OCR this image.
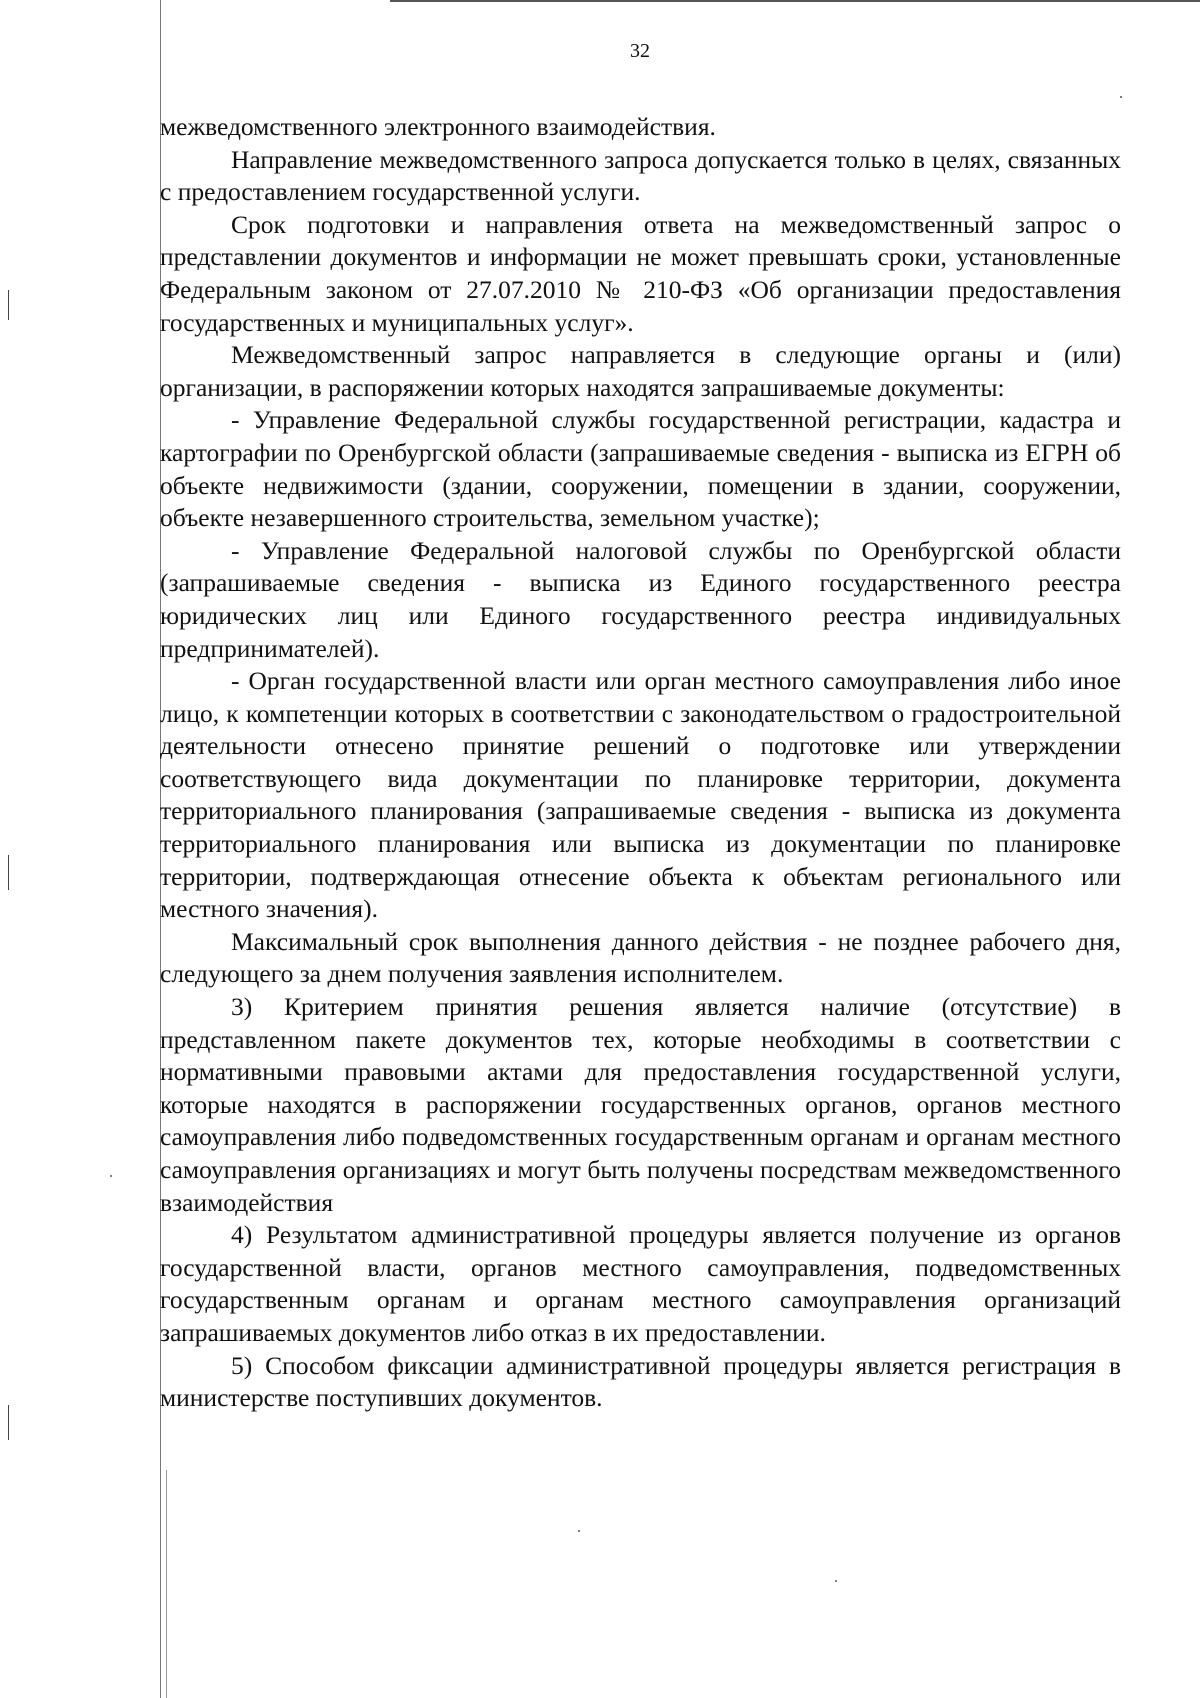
32

межведомственного электронного взаимодействия.

Направление межведомственного запроса допускается только в целях, связанных с предоставлением государственной услуги.

Срок подготовки и направления ответа на межведомственный запрос о представлении документов и информации не может превышать сроки, установленные Федеральным законом от 27.07.2010 № 210-ФЗ «Об организации предоставления государственных и муниципальных услуг».

Межведомственный запрос направляется в следующие органы и (или) организации, в распоряжении которых находятся запрашиваемые документы:

- Управление Федеральной службы государственной регистрации, кадастра и картографии по Оренбургской области (запрашиваемые сведения - выписка из ЕГРН об объекте недвижимости (здании, сооружении, помещении в здании, сооружении, объекте незавершенного строительства, земельном участке);

- Управление Федеральной налоговой службы по Оренбургской области (запрашиваемые сведения - выписка из Единого государственного реестра юридических лиц или Единого государственного реестра индивидуальных предпринимателей).

- Орган государственной власти или орган местного самоуправления либо иное лицо, к компетенции которых в соответствии с законодательством о градостроительной деятельности отнесено принятие решений о подготовке или утверждении соответствующего вида документации по планировке территории, документа территориального планирования (запрашиваемые сведения - выписка из документа территориального планирования или выписка из документации по планировке территории, подтверждающая отнесение объекта к объектам регионального или местного значения).

Максимальный срок выполнения данного действия - не позднее рабочего дня, следующего за днем получения заявления исполнителем.

3) Критерием принятия решения является наличие (отсутствие) в представленном пакете документов тех, которые необходимы в соответствии с нормативными правовыми актами для предоставления государственной услуги, которые находятся в распоряжении государственных органов, органов местного самоуправления либо подведомственных государственным органам и органам местного самоуправления организациях и могут быть получены посредствам межведомственного взаимодействия

4) Результатом административной процедуры является получение из органов государственной власти, органов местного самоуправления, подведомственных государственным органам и органам местного самоуправления организаций запрашиваемых документов либо отказ в их предоставлении.

5) Способом фиксации административной процедуры является регистрация в министерстве поступивших документов.
